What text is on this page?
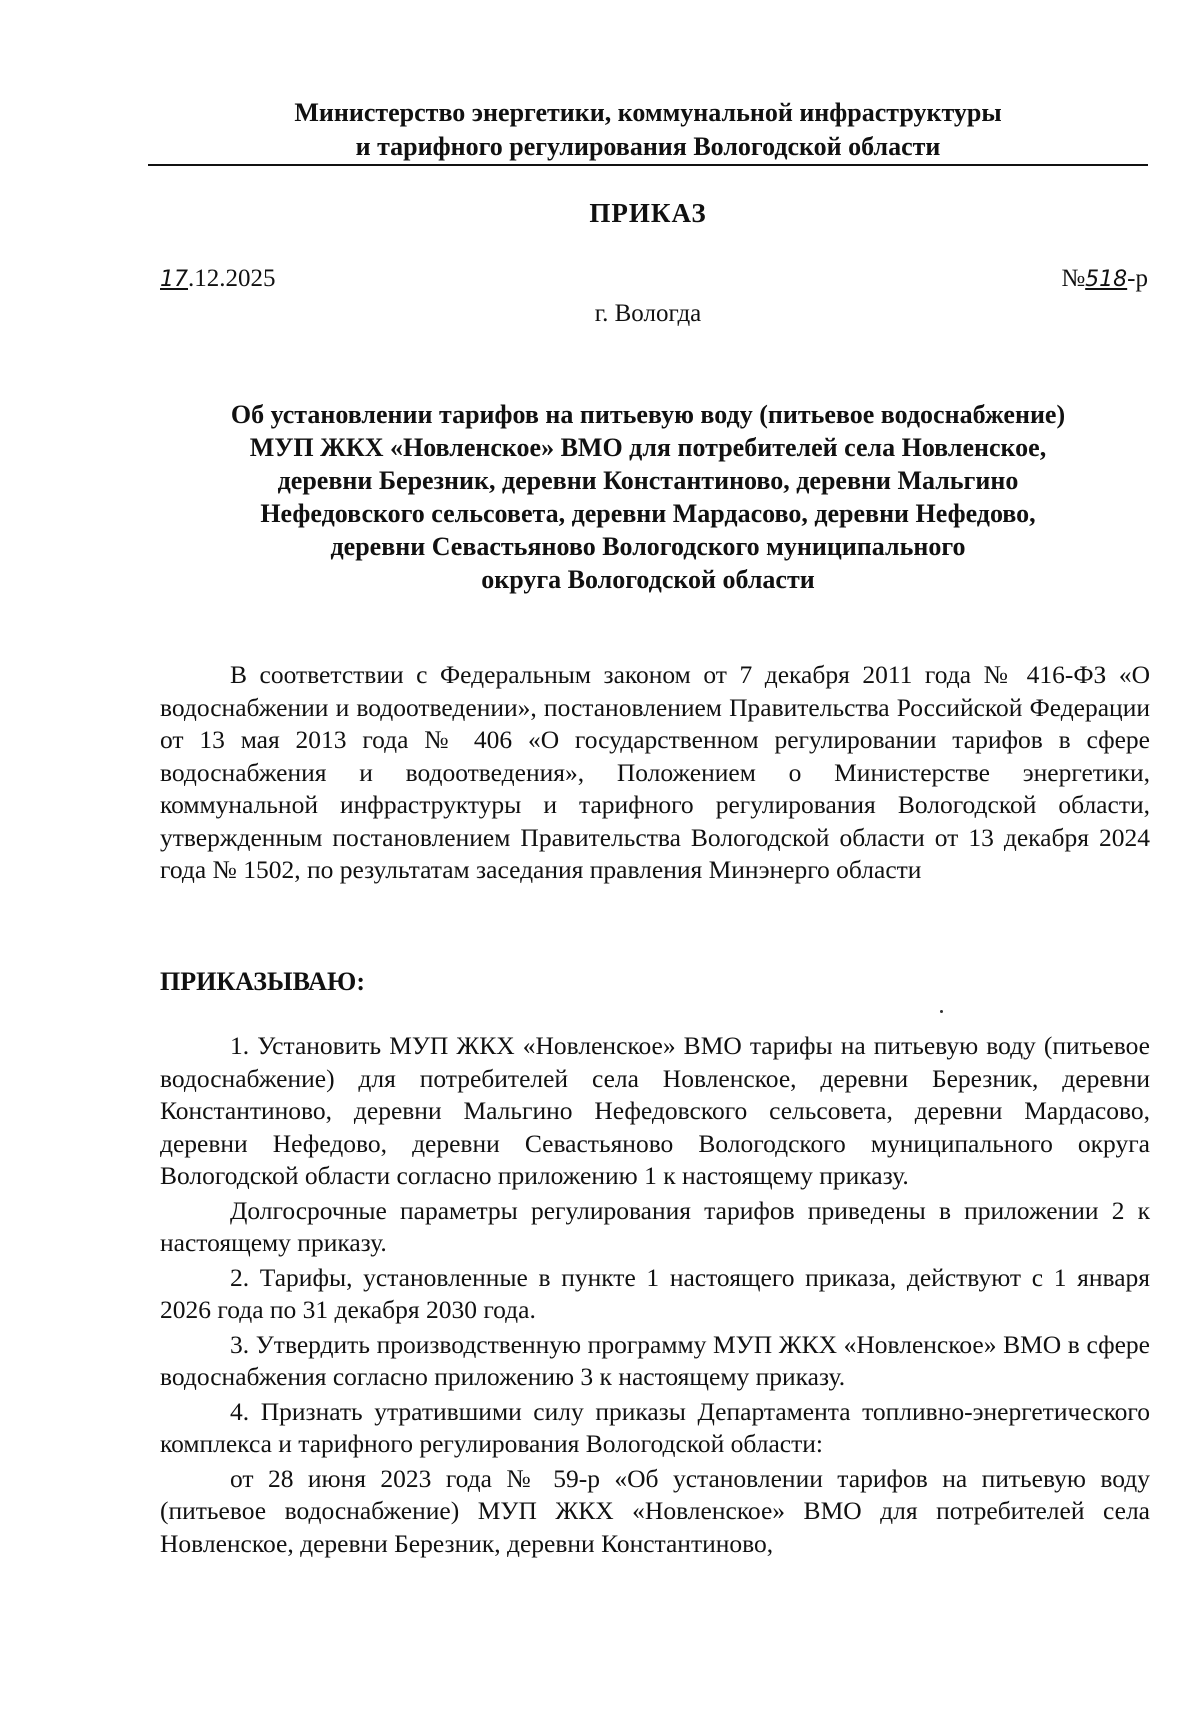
Министерство энергетики, коммунальной инфраструктуры
и тарифного регулирования Вологодской области
ПРИКАЗ
17.12.2025	№518-р
г. Вологда
Об установлении тарифов на питьевую воду (питьевое водоснабжение)
МУП ЖКХ «Новленское» ВМО для потребителей села Новленское,
деревни Березник, деревни Константиново, деревни Мальгино
Нефедовского сельсовета, деревни Мардасово, деревни Нефедово,
деревни Севастьяново Вологодского муниципального
округа Вологодской области
В соответствии с Федеральным законом от 7 декабря 2011 года № 416-ФЗ «О водоснабжении и водоотведении», постановлением Правительства Российской Федерации от 13 мая 2013 года № 406 «О государственном регулировании тарифов в сфере водоснабжения и водоотведения», Положением о Министерстве энергетики, коммунальной инфраструктуры и тарифного регулирования Вологодской области, утвержденным постановлением Правительства Вологодской области от 13 декабря 2024 года № 1502, по результатам заседания правления Минэнерго области
ПРИКАЗЫВАЮ:

1. Установить МУП ЖКХ «Новленское» ВМО тарифы на питьевую воду (питьевое водоснабжение) для потребителей села Новленское, деревни Березник, деревни Константиново, деревни Мальгино Нефедовского сельсовета, деревни Мардасово, деревни Нефедово, деревни Севастьяново Вологодского муниципального округа Вологодской области согласно приложению 1 к настоящему приказу.

Долгосрочные параметры регулирования тарифов приведены в приложении 2 к настоящему приказу.

2. Тарифы, установленные в пункте 1 настоящего приказа, действуют с 1 января 2026 года по 31 декабря 2030 года.

3. Утвердить производственную программу МУП ЖКХ «Новленское» ВМО в сфере водоснабжения согласно приложению 3 к настоящему приказу.

4. Признать утратившими силу приказы Департамента топливно-энергетического комплекса и тарифного регулирования Вологодской области:

от 28 июня 2023 года № 59-р «Об установлении тарифов на питьевую воду (питьевое водоснабжение) МУП ЖКХ «Новленское» ВМО для потребителей села Новленское, деревни Березник, деревни Константиново,
